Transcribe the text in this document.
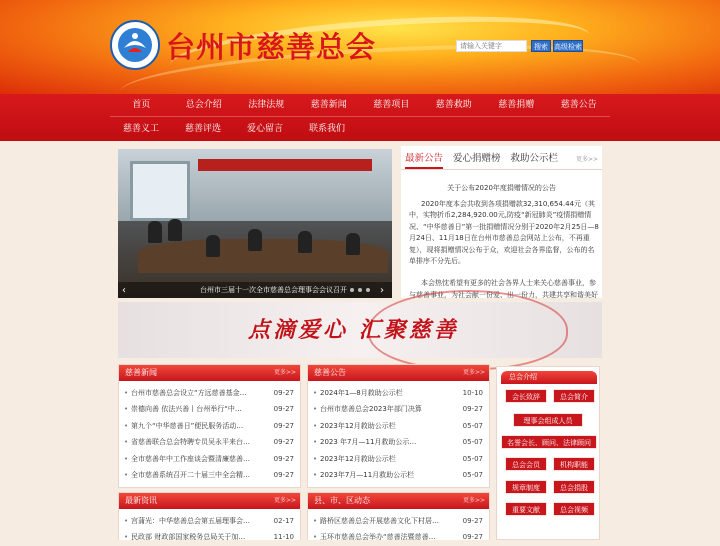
台州市慈善总会	请输入关键字	搜索 高级检索
首页	总会介绍	法律法规	慈善新闻	慈善项目	慈善救助	慈善捐赠	慈善公告
慈善义工	慈善评选	爱心留言	联系我们
台州市三届十一次全市慈善总会理事会会议召开
‹	›
最新公告 爱心捐赠榜 救助公示栏	更多>>
关于公布2020年度捐赠情况的公告

2020年度本会共收到各项捐赠款32,310,654.44元（其中，实物折币2,284,920.00元,防疫“新冠肺炎”疫情捐赠情况、“中华慈善日”第一批捐赠情况分别于2020年2月25日—8月24日、11月18日在台州市慈善总会网站上公布，不再重复），现将捐赠情况公布于众，欢迎社会各界监督，公布的名单排序不分先后。

本会热忱希望有更多的社会各界人士来关心慈善事业，参与慈善事业，为社会献一份爱、出一份力，共建共享和谐美好

点滴爱心 汇聚慈善
慈善新闻	更多>>
• 台州市慈善总会设立“方远慈善基金…	09-27
• 崇德向善 依法兴善丨台州举行“中…	09-27
• 第九个“中华慈善日”便民服务活动…	09-27
• 省慈善联合总会特聘专员吴永平来台…	09-27
• 全市慈善年中工作座谈会暨清廉慈善…	09-27
• 全市慈善系统召开二十届三中全会精…	09-27
慈善公告	更多>>
• 2024年1—8月救助公示栏	10-10
• 台州市慈善总会2023年部门决算	09-27
• 2023年12月救助公示栏	05-07
• 2023 年7月—11月救助公示…	05-07
• 2023年12月救助公示栏	05-07
• 2023年7月—11月救助公示栏	05-07
最新资讯	更多>>
• 宫蒲光：中华慈善总会第五届理事会…	02-17
• 民政部 财政部国家税务总局关于加…	11-10
县、市、区动态	更多>>
• 路桥区慈善总会开展慈善文化下村居…	09-27
• 玉环市慈善总会举办“慈善法暨慈善…	09-27
总会介绍
会长致辞	总会简介
理事会组成人员
名誉会长、顾问、法律顾问
总会会员	机构职能
规章制度	总会捐股
重要文献	总会视频
